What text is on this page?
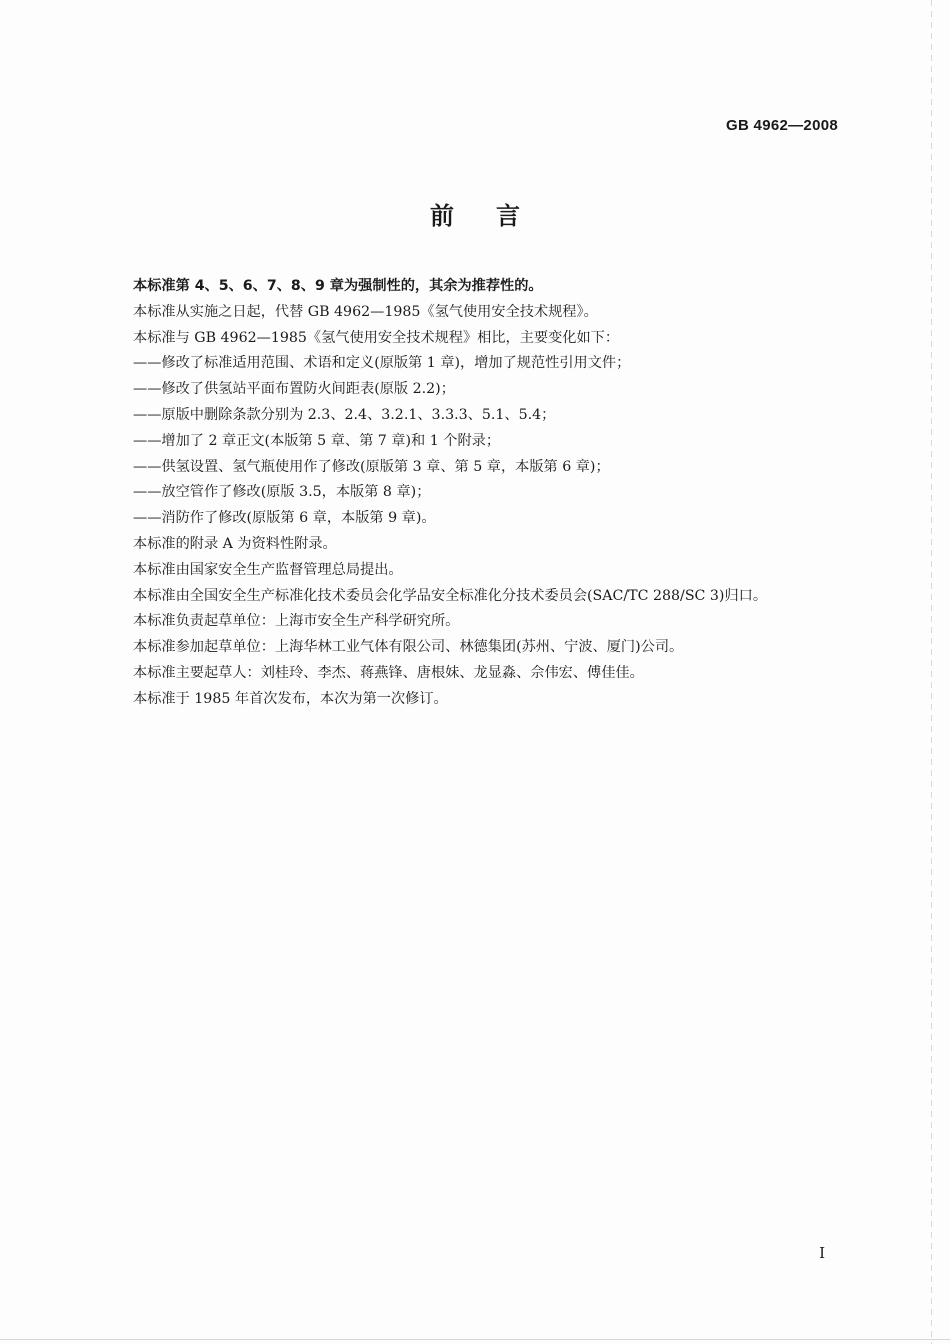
GB 4962—2008
前言

本标准第 4、5、6、7、8、9 章为强制性的，其余为推荐性的。

本标准从实施之日起，代替 GB 4962—1985《氢气使用安全技术规程》。

本标准与 GB 4962—1985《氢气使用安全技术规程》相比，主要变化如下：

——修改了标准适用范围、术语和定义(原版第 1 章)，增加了规范性引用文件；

——修改了供氢站平面布置防火间距表(原版 2.2)；

——原版中删除条款分别为 2.3、2.4、3.2.1、3.3.3、5.1、5.4；

——增加了 2 章正文(本版第 5 章、第 7 章)和 1 个附录；

——供氢设置、氢气瓶使用作了修改(原版第 3 章、第 5 章，本版第 6 章)；

——放空管作了修改(原版 3.5，本版第 8 章)；

——消防作了修改(原版第 6 章，本版第 9 章)。

本标准的附录 A 为资料性附录。

本标准由国家安全生产监督管理总局提出。

本标准由全国安全生产标准化技术委员会化学品安全标准化分技术委员会(SAC/TC 288/SC 3)归口。

本标准负责起草单位：上海市安全生产科学研究所。

本标准参加起草单位：上海华林工业气体有限公司、林德集团(苏州、宁波、厦门)公司。

本标准主要起草人：刘桂玲、李杰、蒋燕锋、唐根妹、龙显淼、佘伟宏、傅佳佳。

本标准于 1985 年首次发布，本次为第一次修订。

I
